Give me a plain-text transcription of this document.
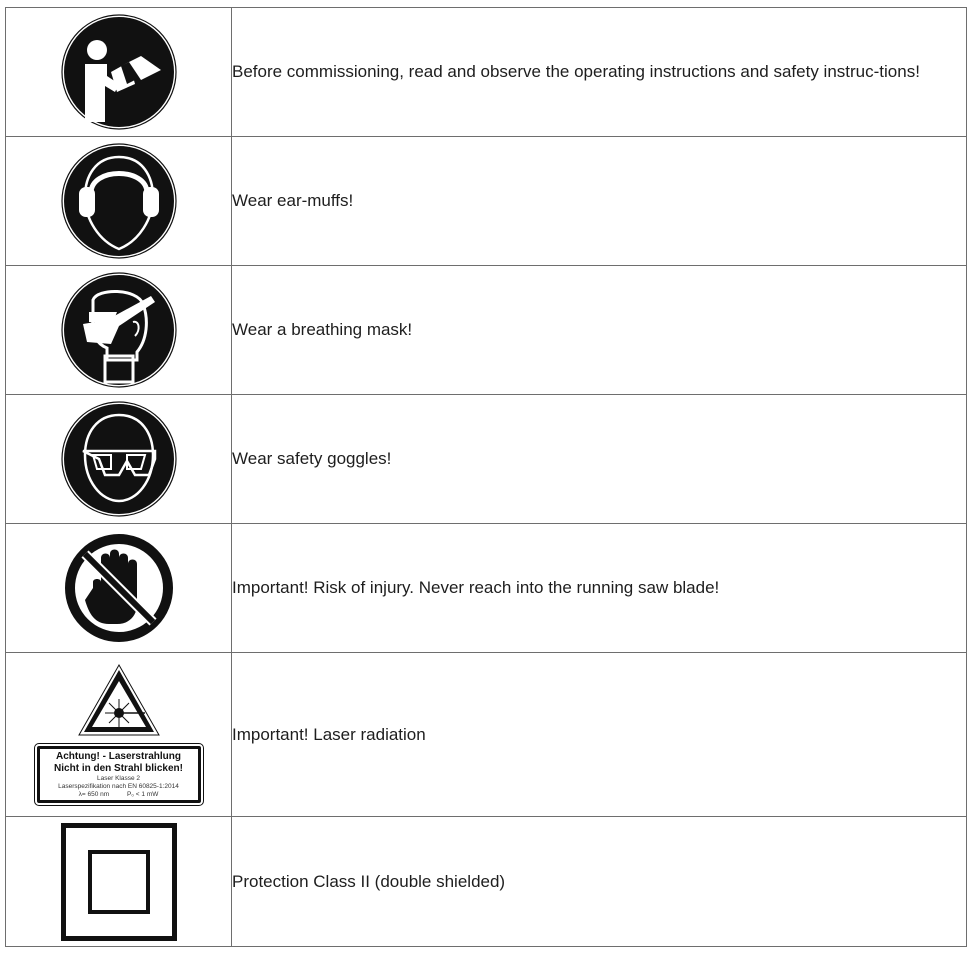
	Before commissioning, read and observe the operating instructions and safety instruc-tions!

	Wear ear-muffs!

	Wear a breathing mask!

	Wear safety goggles!

	Important! Risk of injury. Never reach into the running saw blade!

Achtung! - Laserstrahlung
Nicht in den Strahl blicken!
Laser Klasse 2
Laserspezifikation nach EN 60825-1:2014
λ= 650 nm P₀ < 1 mW	Important! Laser radiation

	Protection Class II (double shielded)
